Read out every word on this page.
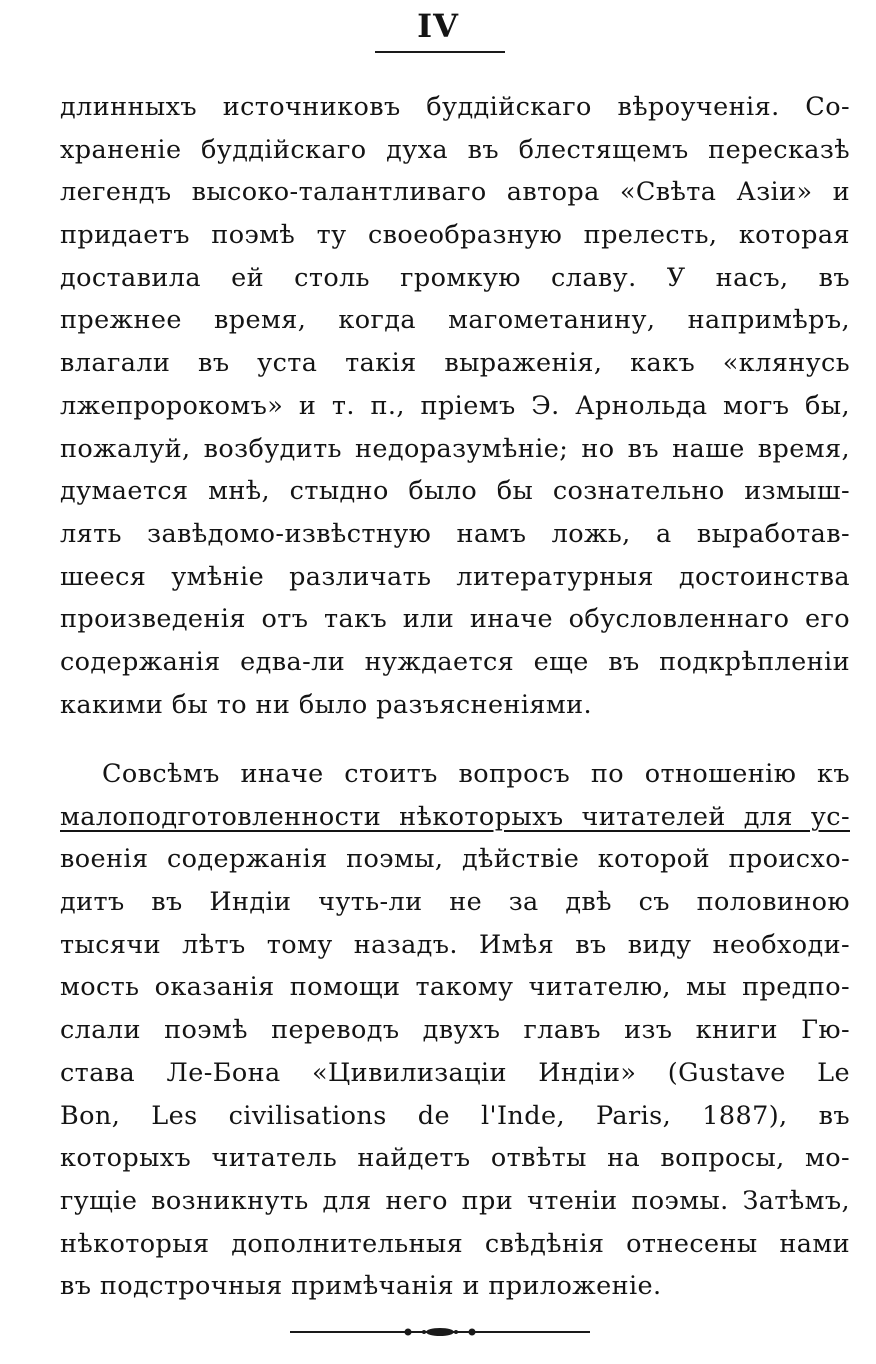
IV
длинныхъ источниковъ буддійскаго вѣроученія. Со-
храненіе буддійскаго духа въ блестящемъ пересказѣ
легендъ высоко-талантливаго автора «Свѣта Азіи» и
придаетъ поэмѣ ту своеобразную прелесть, которая
доставила ей столь громкую славу. У насъ, въ
прежнее время, когда магометанину, напримѣръ,
влагали въ уста такія выраженія, какъ «клянусь
лжепророкомъ» и т. п., пріемъ Э. Арнольда могъ бы,
пожалуй, возбудить недоразумѣніе; но въ наше время,
думается мнѣ, стыдно было бы сознательно измыш-
лять завѣдомо-извѣстную намъ ложь, а выработав-
шееся умѣніе различать литературныя достоинства
произведенія отъ такъ или иначе обусловленнаго его
содержанія едва-ли нуждается еще въ подкрѣпленіи
какими бы то ни было разъясненіями.
Совсѣмъ иначе стоитъ вопросъ по отношенію къ
малоподготовленности нѣкоторыхъ читателей для ус-
военія содержанія поэмы, дѣйствіе которой происхо-
дитъ въ Индіи чуть-ли не за двѣ съ половиною
тысячи лѣтъ тому назадъ. Имѣя въ виду необходи-
мость оказанія помощи такому читателю, мы предпо-
слали поэмѣ переводъ двухъ главъ изъ книги Гю-
става Ле-Бона «Цивилизаціи Индіи» (Gustave Le
Bon, Les civilisations de l'Inde, Paris, 1887), въ
которыхъ читатель найдетъ отвѣты на вопросы, мо-
гущіе возникнуть для него при чтеніи поэмы. Затѣмъ,
нѣкоторыя дополнительныя свѣдѣнія отнесены нами
въ подстрочныя примѣчанія и приложеніе.
